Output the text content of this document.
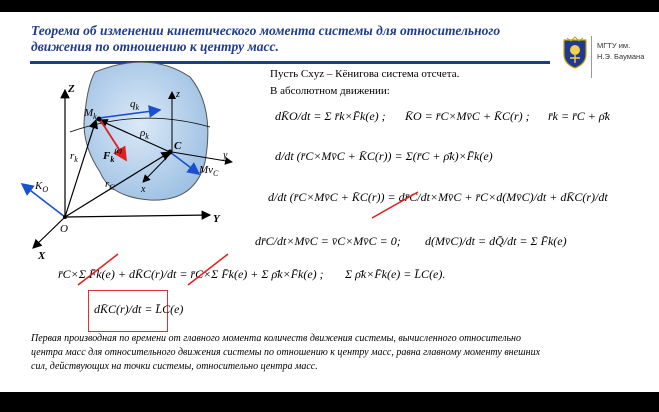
Теорема об изменении кинетического момента системы для относительного движения по отношению к центру масс.	МГТУ им.
Н.Э. Баумана
Z	z
Y
y
X
x
O
C
$M_k$
$q_k$
$\rho_k$
$r_k$
$r_C$
$F_k^{(e)}$
$K_O$
$Mv_C$
Пусть Cxyz – Кёнигова система отсчета.
В абсолютном движении:
dK̄O/dt = Σ r̄k×F̄k(e) ; K̄O = r̄C×Mv̄C + K̄C(r) ; r̄k = r̄C + ρ̄k
d/dt (r̄C×Mv̄C + K̄C(r)) = Σ(r̄C + ρ̄k)×F̄k(e)
d/dt (r̄C×Mv̄C + K̄C(r)) = dr̄C/dt×Mv̄C + r̄C×d(Mv̄C)/dt + dK̄C(r)/dt
dr̄C/dt×Mv̄C = v̄C×Mv̄C = 0; d(Mv̄C)/dt = dQ̄/dt = Σ F̄k(e)
r̄C×Σ F̄k(e) + dK̄C(r)/dt = r̄C×Σ F̄k(e) + Σ ρ̄k×F̄k(e) ; Σ ρ̄k×F̄k(e) = L̄C(e).
dK̄C(r)/dt = L̄C(e)
Первая производная по времени от главного момента количеств движения системы, вычисленного относительно центра масс для относительного движения системы по отношению к центру масс, равна главному моменту внешних сил, действующих на точки системы, относительно центра масс.
